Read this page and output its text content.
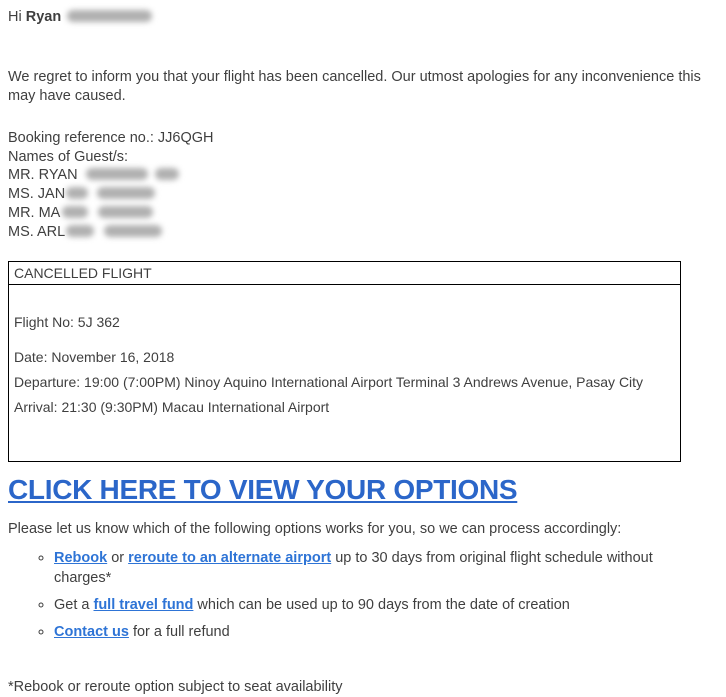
Hi Ryan

We regret to inform you that your flight has been cancelled. Our utmost apologies for any inconvenience this may have caused.

Booking reference no.: JJ6QGH
Names of Guest/s:
MR. RYAN
MS. JAN
MR. MA
MS. ARL
CANCELLED FLIGHT

Flight No: 5J 362

Date: November 16, 2018

Departure: 19:00 (7:00PM) Ninoy Aquino International Airport Terminal 3 Andrews Avenue, Pasay City

Arrival: 21:30 (9:30PM) Macau International Airport

CLICK HERE TO VIEW YOUR OPTIONS

Please let us know which of the following options works for you, so we can process accordingly:

◦ Rebook or reroute to an alternate airport up to 30 days from original flight schedule without charges*
◦ Get a full travel fund which can be used up to 90 days from the date of creation
◦ Contact us for a full refund

*Rebook or reroute option subject to seat availability
